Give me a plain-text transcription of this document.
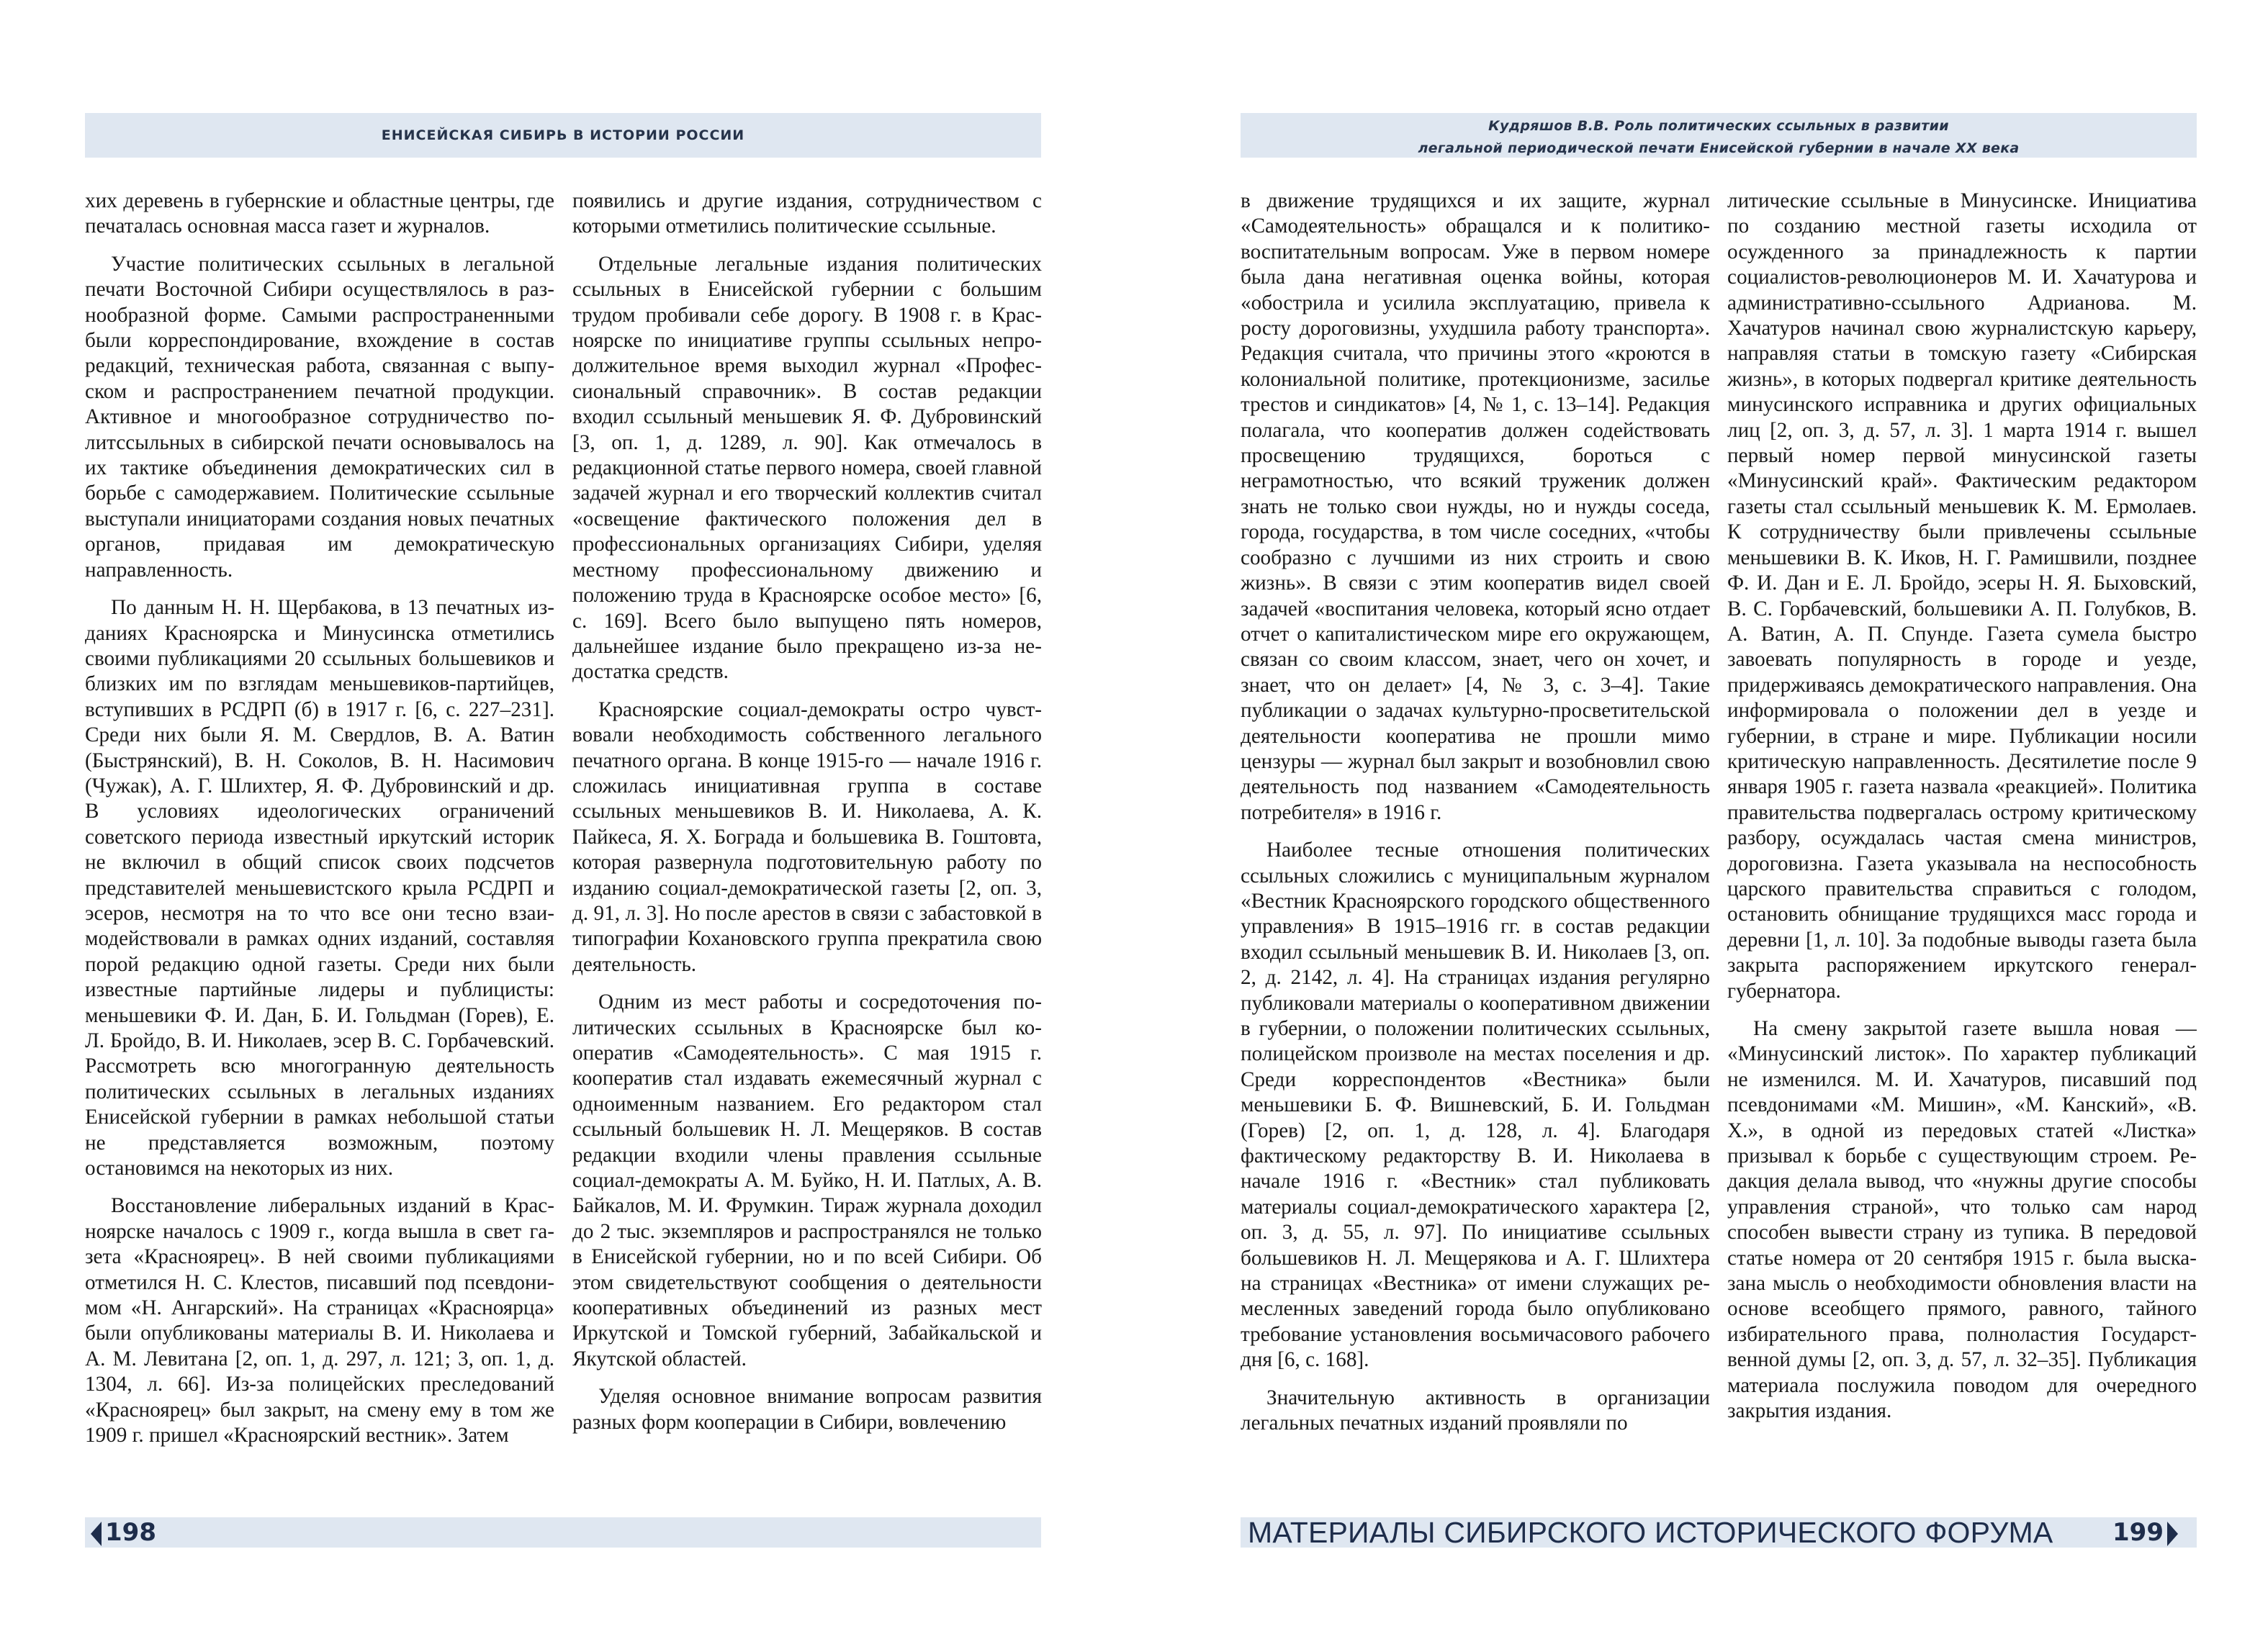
ЕНИСЕЙСКАЯ СИБИРЬ В ИСТОРИИ РОССИИ
Кудряшов В.В. Роль политических ссыльных в развитии
легальной периодической печати Енисейской губернии в начале ХХ века

хих деревень в губернские и областные центры, где печаталась основная масса газет и журналов.

Участие политических ссыльных в легальной печати Восточной Сибири осуществлялось в разнообразной форме. Самыми распространенными были корреспондирование, вхождение в состав редакций, техническая работа, связанная с выпуском и распространением печатной продукции. Активное и многообразное сотрудничество политссыльных в сибирской печати основывалось на их тактике объединения демократических сил в борьбе с самодержавием. Политические ссыльные выступали инициаторами создания новых печатных органов, придавая им демократическую направленность.

По данным Н. Н. Щербакова, в 13 печатных изданиях Красноярска и Минусинска отметились своими публикациями 20 ссыльных большевиков и близких им по взглядам меньшевиков-партийцев, вступивших в РСДРП (б) в 1917 г. [6, с. 227–231]. Среди них были Я. М. Свердлов, В. А. Ватин (Быстрянский), В. Н. Соколов, В. Н. Насимович (Чужак), А. Г. Шлихтер, Я. Ф. Дубровинский и др. В условиях идеологических ограничений советского периода известный иркутский историк не включил в общий список своих подсчетов представителей меньшевистского крыла РСДРП и эсеров, несмотря на то что все они тесно взаимодействовали в рамках одних изданий, составляя порой редакцию одной газеты. Среди них были известные партийные лидеры и публицисты: меньшевики Ф. И. Дан, Б. И. Гольдман (Горев), Е. Л. Бройдо, В. И. Николаев, эсер В. С. Горбачевский. Рассмотреть всю многогранную деятельность политических ссыльных в легальных изданиях Енисейской губернии в рамках небольшой статьи не представляется возможным, поэтому остановимся на некоторых из них.

Восстановление либеральных изданий в Красноярске началось с 1909 г., когда вышла в свет газета «Красноярец». В ней своими публикациями отметился Н. С. Клестов, писавший под псевдонимом «Н. Ангарский». На страницах «Красноярца» были опубликованы материалы В. И. Николаева и А. М. Левитана [2, оп. 1, д. 297, л. 121; 3, оп. 1, д. 1304, л. 66]. Из-за полицейских преследований «Красноярец» был закрыт, на смену ему в том же 1909 г. пришел «Красноярский вестник». Затем

появились и другие издания, сотрудничеством с которыми отметились политические ссыльные.

Отдельные легальные издания политических ссыльных в Енисейской губернии с большим трудом пробивали себе дорогу. В 1908 г. в Красноярске по инициативе группы ссыльных непродолжительное время выходил журнал «Профессиональный справочник». В состав редакции входил ссыльный меньшевик Я. Ф. Дубровинский [3, оп. 1, д. 1289, л. 90]. Как отмечалось в редакционной статье первого номера, своей главной задачей журнал и его творческий коллектив считал «освещение фактического положения дел в профессиональных организациях Сибири, уделяя местному профессиональному движению и положению труда в Красноярске особое место» [6, с. 169]. Всего было выпущено пять номеров, дальнейшее издание было прекращено из-за недостатка средств.

Красноярские социал-демократы остро чувствовали необходимость собственного легального печатного органа. В конце 1915-го — начале 1916 г. сложилась инициативная группа в составе ссыльных меньшевиков В. И. Николаева, А. К. Пайкеса, Я. Х. Бограда и большевика В. Гоштовта, которая развернула подготовительную работу по изданию социал-демократической газеты [2, оп. 3, д. 91, л. 3]. Но после арестов в связи с забастовкой в типографии Кохановского группа прекратила свою деятельность.

Одним из мест работы и сосредоточения политических ссыльных в Красноярске был кооператив «Самодеятельность». С мая 1915 г. кооператив стал издавать ежемесячный журнал с одноименным названием. Его редактором стал ссыльный большевик Н. Л. Мещеряков. В состав редакции входили члены правления ссыльные социал-демократы А. М. Буйко, Н. И. Патлых, А. В. Байкалов, М. И. Фрумкин. Тираж журнала доходил до 2 тыс. экземпляров и распространялся не только в Енисейской губернии, но и по всей Сибири. Об этом свидетельствуют сообщения о деятельности кооперативных объединений из разных мест Иркутской и Томской губерний, Забайкальской и Якутской областей.

Уделяя основное внимание вопросам развития разных форм кооперации в Сибири, вовлечению

в движение трудящихся и их защите, журнал «Самодеятельность» обращался и к политиковоспитательным вопросам. Уже в первом номере была дана негативная оценка войны, которая «обострила и усилила эксплуатацию, привела к росту дороговизны, ухудшила работу транспорта». Редакция считала, что причины этого «кроются в колониальной политике, протекционизме, засилье трестов и синдикатов» [4, № 1, с. 13–14]. Редакция полагала, что кооператив должен содействовать просвещению трудящихся, бороться с неграмотностью, что всякий труженик должен знать не только свои нужды, но и нужды соседа, города, государства, в том числе соседних, «чтобы сообразно с лучшими из них строить и свою жизнь». В связи с этим кооператив видел своей задачей «воспитания человека, который ясно отдает отчет о капиталистическом мире его окружающем, связан со своим классом, знает, чего он хочет, и знает, что он делает» [4, № 3, с. 3–4]. Такие публикации о задачах культурно-просветительской деятельности кооператива не прошли мимо цензуры — журнал был закрыт и возобновлил свою деятельность под названием «Самодеятельность потребителя» в 1916 г.

Наиболее тесные отношения политических ссыльных сложились с муниципальным журналом «Вестник Красноярского городского общественного управления» В 1915–1916 гг. в состав редакции входил ссыльный меньшевик В. И. Николаев [3, оп. 2, д. 2142, л. 4]. На страницах издания регулярно публиковали материалы о кооперативном движении в губернии, о положении политических ссыльных, полицейском произволе на местах поселения и др. Среди корреспондентов «Вестника» были меньшевики Б. Ф. Вишневский, Б. И. Гольдман (Горев) [2, оп. 1, д. 128, л. 4]. Благодаря фактическому редакторству В. И. Николаева в начале 1916 г. «Вестник» стал публиковать материалы социал-демократического характера [2, оп. 3, д. 55, л. 97]. По инициативе ссыльных большевиков Н. Л. Мещерякова и А. Г. Шлихтера на страницах «Вестника» от имени служащих ремесленных заведений города было опубликовано требование установления восьмичасового рабочего дня [6, с. 168].

Значительную активность в организации легальных печатных изданий проявляли по

литические ссыльные в Минусинске. Инициатива по созданию местной газеты исходила от осужденного за принадлежность к партии социалистов-революционеров М. И. Хачатурова и административно-ссыльного Адрианова. М. Хачатуров начинал свою журналистскую карьеру, направляя статьи в томскую газету «Сибирская жизнь», в которых подвергал критике деятельность минусинского исправника и других официальных лиц [2, оп. 3, д. 57, л. 3]. 1 марта 1914 г. вышел первый номер первой минусинской газеты «Минусинский край». Фактическим редактором газеты стал ссыльный меньшевик К. М. Ермолаев. К сотрудничеству были привлечены ссыльные меньшевики В. К. Иков, Н. Г. Рамишвили, позднее Ф. И. Дан и Е. Л. Бройдо, эсеры Н. Я. Быховский, В. С. Горбачевский, большевики А. П. Голубков, В. А. Ватин, А. П. Спунде. Газета сумела быстро завоевать популярность в городе и уезде, придерживаясь демократического направления. Она информировала о положении дел в уезде и губернии, в стране и мире. Публикации носили критическую направленность. Десятилетие после 9 января 1905 г. газета назвала «реакцией». Политика правительства подвергалась острому критическому разбору, осуждалась частая смена министров, дороговизна. Газета указывала на неспособность царского правительства справиться с голодом, остановить обнищание трудящихся масс города и деревни [1, л. 10]. За подобные выводы газета была закрыта распоряжением иркутского генерал-губернатора.

На смену закрытой газете вышла новая — «Минусинский листок». По характер публикаций не изменился. М. И. Хачатуров, писавший под псевдонимами «М. Мишин», «М. Канский», «В. Х.», в одной из передовых статей «Листка» призывал к борьбе с существующим строем. Редакция делала вывод, что «нужны другие способы управления страной», что только сам народ способен вывести страну из тупика. В передовой статье номера от 20 сентября 1915 г. была высказана мысль о необходимости обновления власти на основе всеобщего прямого, равного, тайного избирательного права, полноластия Государственной думы [2, оп. 3, д. 57, л. 32–35]. Публикация материала послужила поводом для очередного закрытия издания.

198	МАТЕРИАЛЫ СИБИРСКОГО ИСТОРИЧЕСКОГО ФОРУМА 199
